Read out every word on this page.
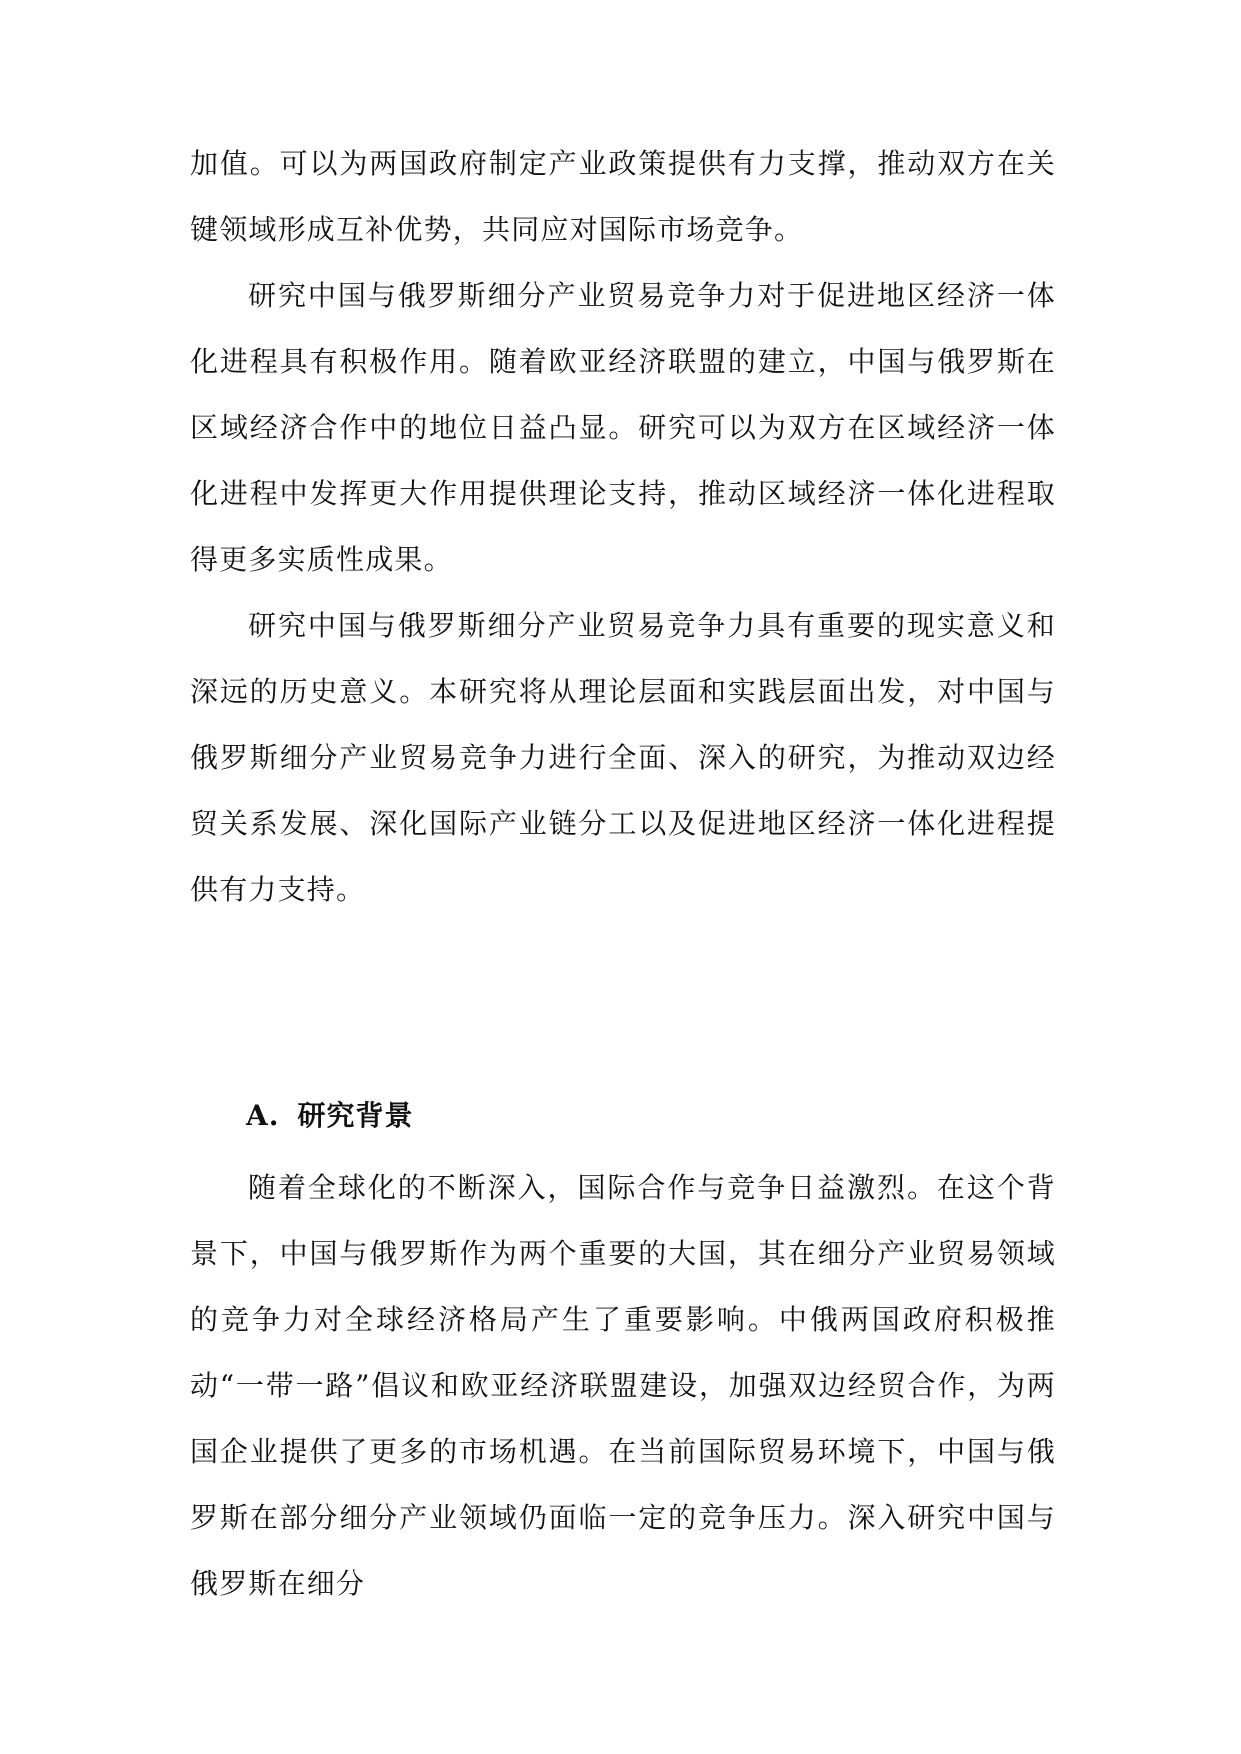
加值。可以为两国政府制定产业政策提供有力支撑，推动双方在关键领域形成互补优势，共同应对国际市场竞争。

研究中国与俄罗斯细分产业贸易竞争力对于促进地区经济一体化进程具有积极作用。随着欧亚经济联盟的建立，中国与俄罗斯在区域经济合作中的地位日益凸显。研究可以为双方在区域经济一体化进程中发挥更大作用提供理论支持，推动区域经济一体化进程取得更多实质性成果。

研究中国与俄罗斯细分产业贸易竞争力具有重要的现实意义和深远的历史意义。本研究将从理论层面和实践层面出发，对中国与俄罗斯细分产业贸易竞争力进行全面、深入的研究，为推动双边经贸关系发展、深化国际产业链分工以及促进地区经济一体化进程提供有力支持。

A. 研究背景

随着全球化的不断深入，国际合作与竞争日益激烈。在这个背景下，中国与俄罗斯作为两个重要的大国，其在细分产业贸易领域的竞争力对全球经济格局产生了重要影响。中俄两国政府积极推动“一带一路”倡议和欧亚经济联盟建设，加强双边经贸合作，为两国企业提供了更多的市场机遇。在当前国际贸易环境下，中国与俄罗斯在部分细分产业领域仍面临一定的竞争压力。深入研究中国与俄罗斯在细分
